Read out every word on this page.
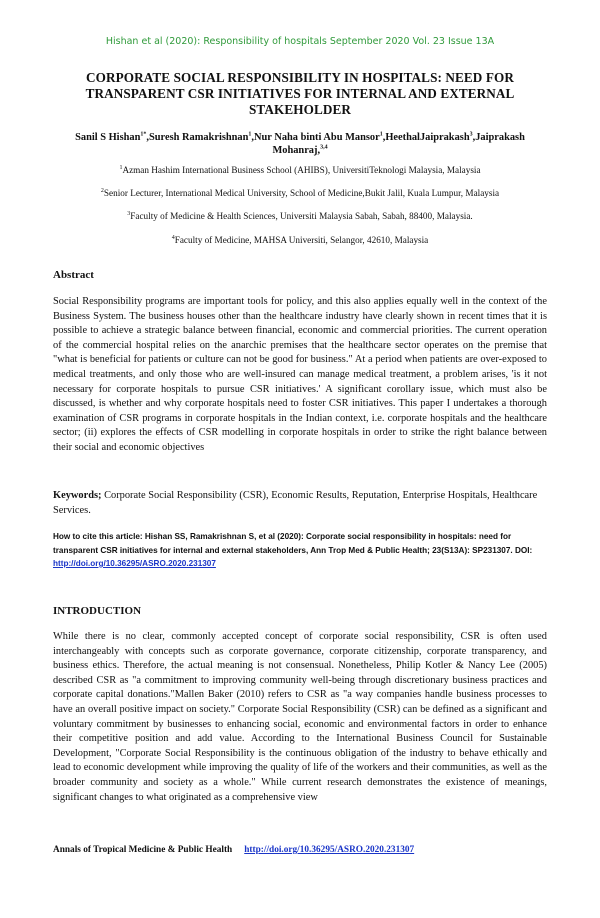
Hishan et al (2020): Responsibility of hospitals September 2020 Vol. 23 Issue 13A
CORPORATE SOCIAL RESPONSIBILITY IN HOSPITALS: NEED FOR TRANSPARENT CSR INITIATIVES FOR INTERNAL AND EXTERNAL STAKEHOLDER
Sanil S Hishan$^{1*}$,Suresh Ramakrishnan$^1$,Nur Naha binti Abu Mansor$^1$,HeethalJaiprakash$^3$,Jaiprakash Mohanraj,$^{3,4}$
$^1$Azman Hashim International Business School (AHIBS), UniversitiTeknologi Malaysia, Malaysia
$^2$Senior Lecturer, International Medical University, School of Medicine,Bukit Jalil, Kuala Lumpur, Malaysia
$^3$Faculty of Medicine & Health Sciences, Universiti Malaysia Sabah, Sabah, 88400, Malaysia.
$^4$Faculty of Medicine, MAHSA Universiti, Selangor, 42610, Malaysia
Abstract
Social Responsibility programs are important tools for policy, and this also applies equally well in the context of the Business System. The business houses other than the healthcare industry have clearly shown in recent times that it is possible to achieve a strategic balance between financial, economic and commercial priorities. The current operation of the commercial hospital relies on the anarchic premises that the healthcare sector operates on the premise that "what is beneficial for patients or culture can not be good for business." At a period when patients are over-exposed to medical treatments, and only those who are well-insured can manage medical treatment, a problem arises, 'is it not necessary for corporate hospitals to pursue CSR initiatives.' A significant corollary issue, which must also be discussed, is whether and why corporate hospitals need to foster CSR initiatives. This paper I undertakes a thorough examination of CSR programs in corporate hospitals in the Indian context, i.e. corporate hospitals and the healthcare sector; (ii) explores the effects of CSR modelling in corporate hospitals in order to strike the right balance between their social and economic objectives
Keywords; Corporate Social Responsibility (CSR), Economic Results, Reputation, Enterprise Hospitals, Healthcare Services.
How to cite this article: Hishan SS, Ramakrishnan S, et al (2020): Corporate social responsibility in hospitals: need for transparent CSR initiatives for internal and external stakeholders, Ann Trop Med & Public Health; 23(S13A): SP231307. DOI: http://doi.org/10.36295/ASRO.2020.231307
INTRODUCTION
While there is no clear, commonly accepted concept of corporate social responsibility, CSR is often used interchangeably with concepts such as corporate governance, corporate citizenship, corporate transparency, and business ethics. Therefore, the actual meaning is not consensual. Nonetheless, Philip Kotler & Nancy Lee (2005) described CSR as "a commitment to improving community well-being through discretionary business practices and corporate capital donations."Mallen Baker (2010) refers to CSR as "a way companies handle business processes to have an overall positive impact on society." Corporate Social Responsibility (CSR) can be defined as a significant and voluntary commitment by businesses to enhancing social, economic and environmental factors in order to enhance their competitive position and add value. According to the International Business Council for Sustainable Development, "Corporate Social Responsibility is the continuous obligation of the industry to behave ethically and lead to economic development while improving the quality of life of the workers and their communities, as well as the broader community and society as a whole." While current research demonstrates the existence of meanings, significant changes to what originated as a comprehensive view
Annals of Tropical Medicine & Public Health http://doi.org/10.36295/ASRO.2020.231307
